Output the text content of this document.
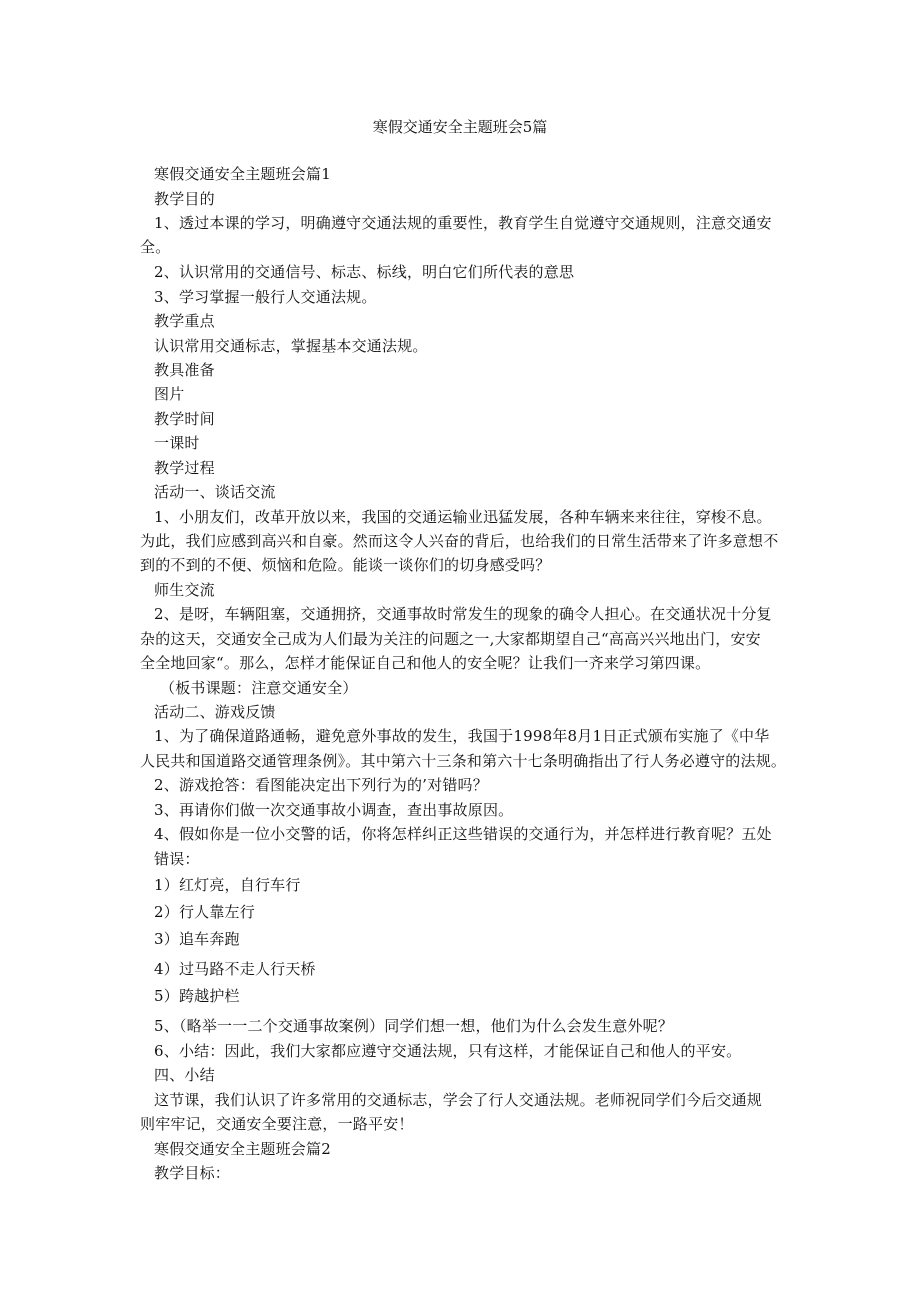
寒假交通安全主题班会5篇
寒假交通安全主题班会篇1
教学目的
1、透过本课的学习，明确遵守交通法规的重要性，教育学生自觉遵守交通规则，注意交通安
全。
2、认识常用的交通信号、标志、标线，明白它们所代表的意思
3、学习掌握一般行人交通法规。
教学重点
认识常用交通标志，掌握基本交通法规。
教具准备
图片
教学时间
一课时
教学过程
活动一、谈话交流
1、小朋友们，改革开放以来，我国的交通运输业迅猛发展，各种车辆来来往往，穿梭不息。
为此，我们应感到高兴和自豪。然而这令人兴奋的背后，也给我们的日常生活带来了许多意想不
到的不到的不便、烦恼和危险。能谈一谈你们的切身感受吗？
师生交流
2、是呀，车辆阻塞，交通拥挤，交通事故时常发生的现象的确令人担心。在交通状况十分复
杂的这天，交通安全己成为人们最为关注的问题之一,大家都期望自己“高高兴兴地出门，安安
全全地回家“。那么，怎样才能保证自己和他人的安全呢？让我们一齐来学习第四课。
（板书课题：注意交通安全）
活动二、游戏反馈
1、为了确保道路通畅，避免意外事故的发生，我国于1998年8月1日正式颁布实施了《中华
人民共和国道路交通管理条例》。其中第六十三条和第六十七条明确指出了行人务必遵守的法规。
2、游戏抢答：看图能决定出下列行为的’对错吗？
3、再请你们做一次交通事故小调查，查出事故原因。
4、假如你是一位小交警的话，你将怎样纠正这些错误的交通行为，并怎样进行教育呢？五处
错误：
1）红灯亮，自行车行
2）行人靠左行
3）追车奔跑
4）过马路不走人行天桥
5）跨越护栏
5、（略举一一二个交通事故案例）同学们想一想，他们为什么会发生意外呢？
6、小结：因此，我们大家都应遵守交通法规，只有这样，才能保证自己和他人的平安。
四、小结
这节课，我们认识了许多常用的交通标志，学会了行人交通法规。老师祝同学们今后交通规
则牢牢记，交通安全要注意，一路平安！
寒假交通安全主题班会篇2
教学目标：
